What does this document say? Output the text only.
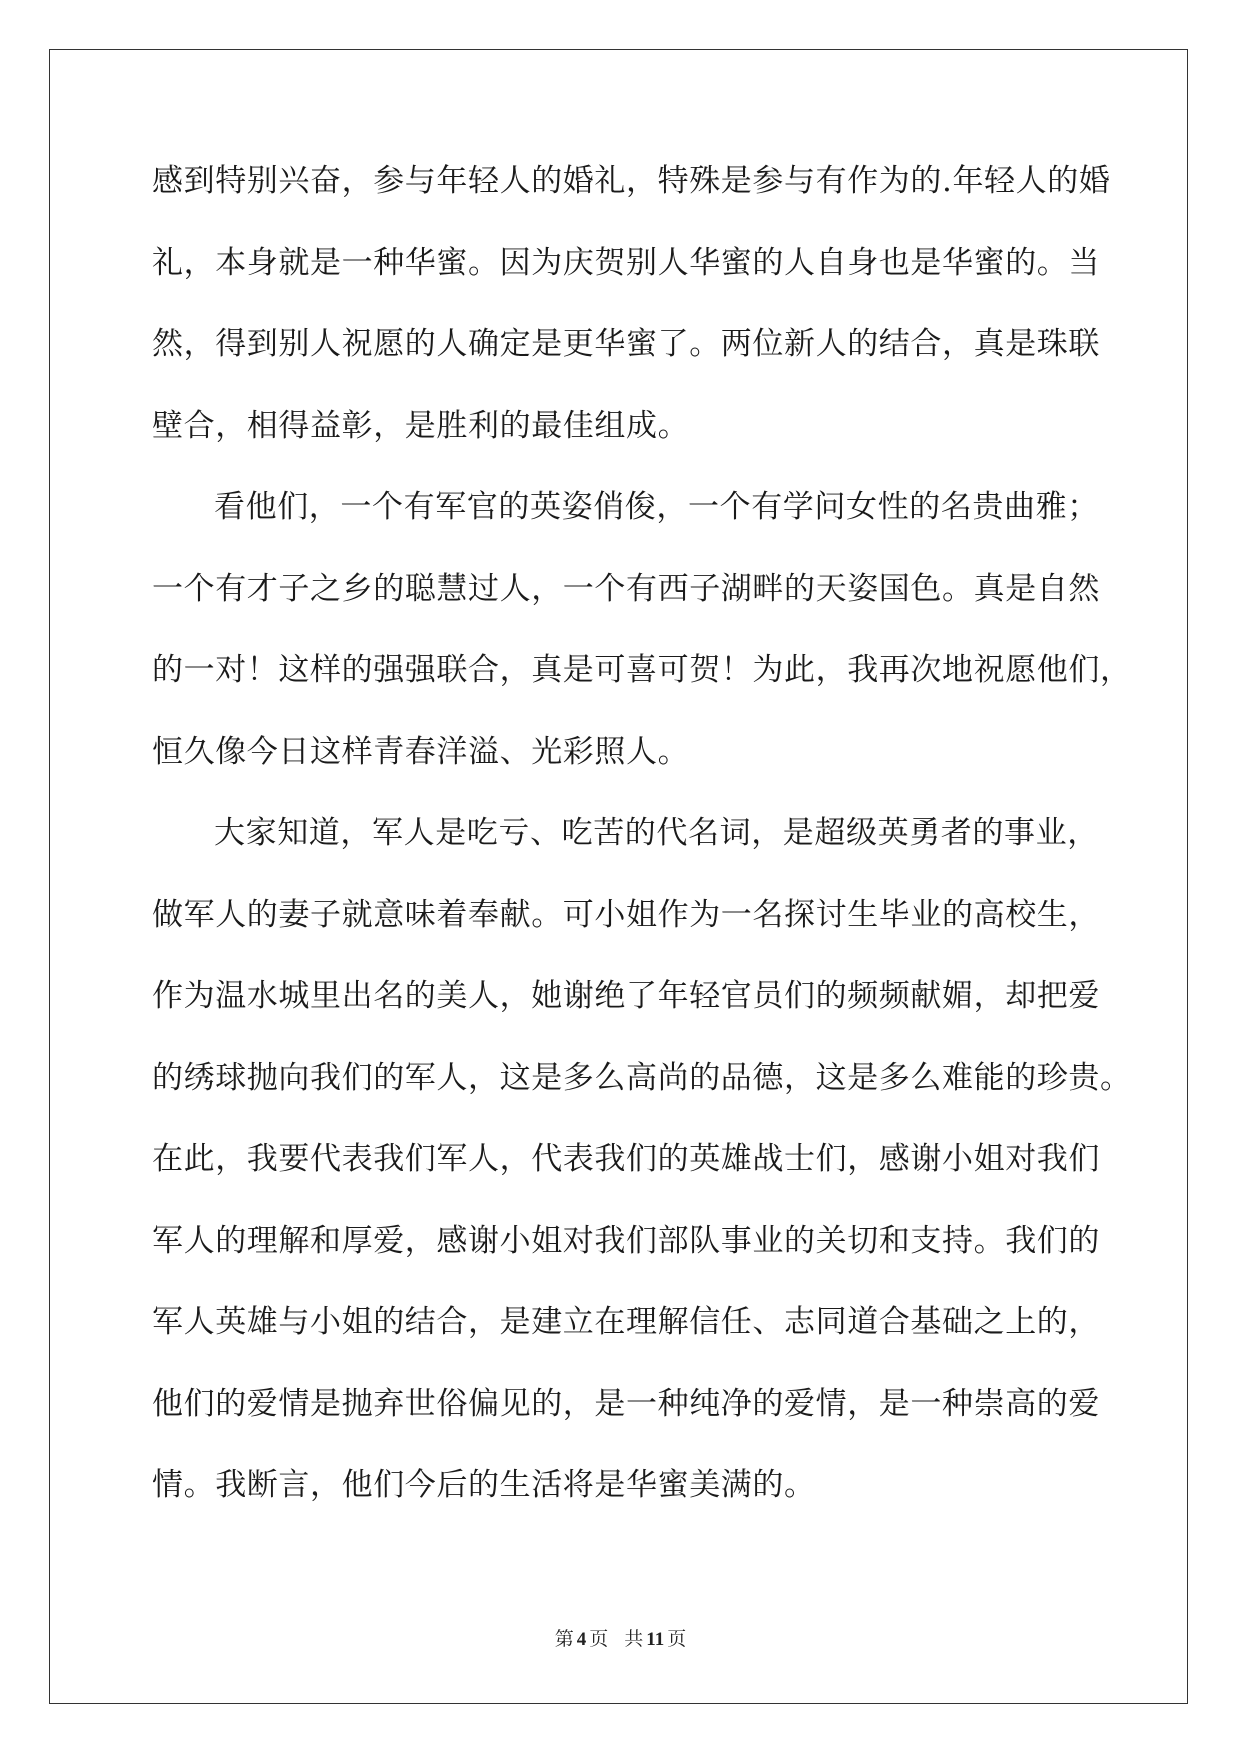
感到特别兴奋，参与年轻人的婚礼，特殊是参与有作为的.年轻人的婚
礼，本身就是一种华蜜。因为庆贺别人华蜜的人自身也是华蜜的。当
然，得到别人祝愿的人确定是更华蜜了。两位新人的结合，真是珠联
壁合，相得益彰，是胜利的最佳组成。
看他们，一个有军官的英姿俏俊，一个有学问女性的名贵曲雅；
一个有才子之乡的聪慧过人，一个有西子湖畔的天姿国色。真是自然
的一对！这样的强强联合，真是可喜可贺！为此，我再次地祝愿他们，
恒久像今日这样青春洋溢、光彩照人。
大家知道，军人是吃亏、吃苦的代名词，是超级英勇者的事业，
做军人的妻子就意味着奉献。可小姐作为一名探讨生毕业的高校生，
作为温水城里出名的美人，她谢绝了年轻官员们的频频献媚，却把爱
的绣球抛向我们的军人，这是多么高尚的品德，这是多么难能的珍贵。
在此，我要代表我们军人，代表我们的英雄战士们，感谢小姐对我们
军人的理解和厚爱，感谢小姐对我们部队事业的关切和支持。我们的
军人英雄与小姐的结合，是建立在理解信任、志同道合基础之上的，
他们的爱情是抛弃世俗偏见的，是一种纯净的爱情，是一种崇高的爱
情。我断言，他们今后的生活将是华蜜美满的。
第 4 页 共 11 页
